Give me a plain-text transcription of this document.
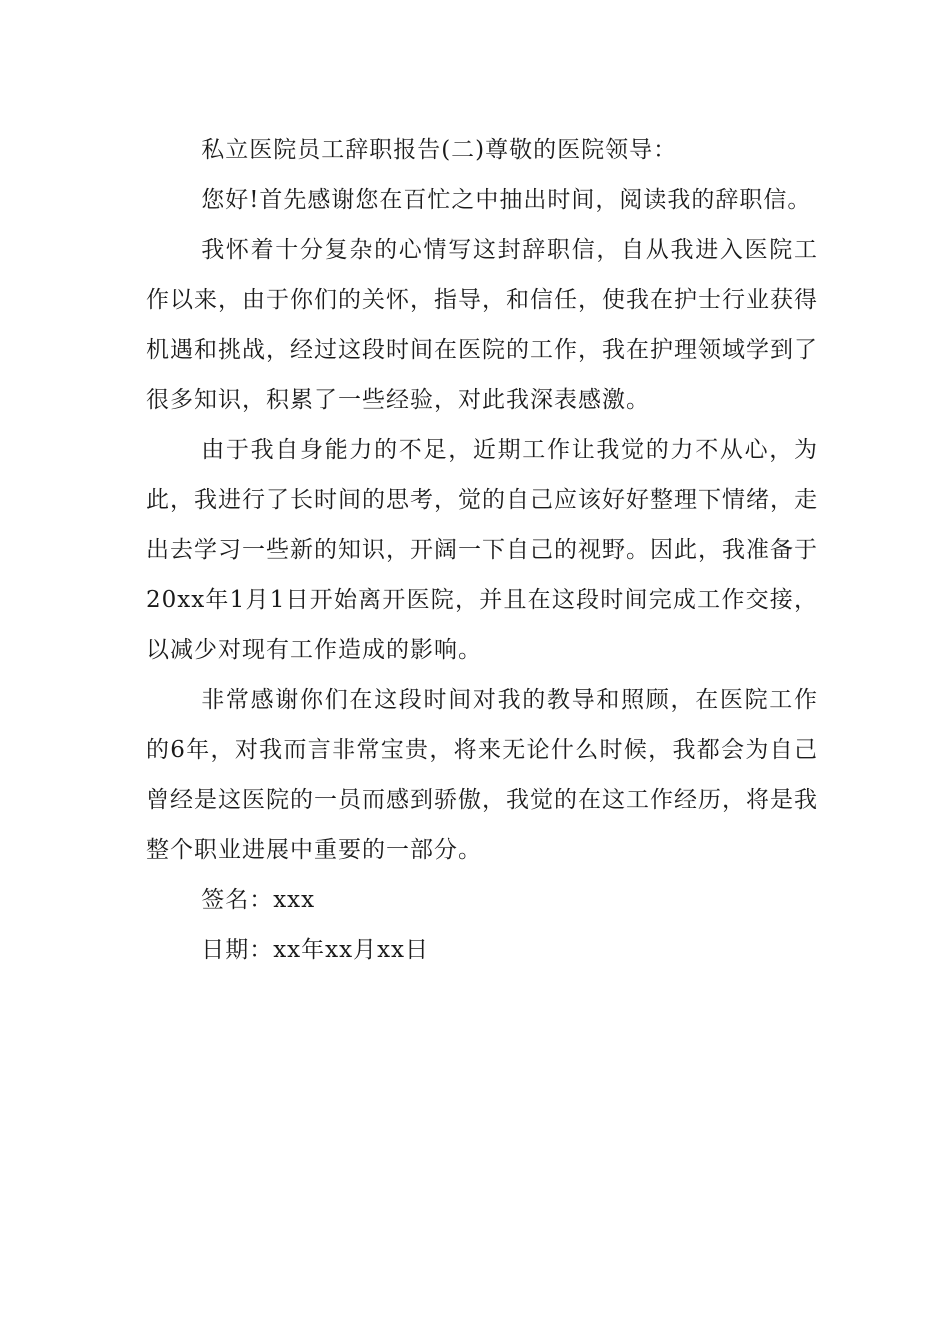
私立医院员工辞职报告(二)尊敬的医院领导：

您好!首先感谢您在百忙之中抽出时间，阅读我的辞职信。

我怀着十分复杂的心情写这封辞职信，自从我进入医院工作以来，由于你们的关怀，指导，和信任，使我在护士行业获得机遇和挑战，经过这段时间在医院的工作，我在护理领域学到了很多知识，积累了一些经验，对此我深表感激。

由于我自身能力的不足，近期工作让我觉的力不从心，为此，我进行了长时间的思考，觉的自己应该好好整理下情绪，走出去学习一些新的知识，开阔一下自己的视野。因此，我准备于20xx年1月1日开始离开医院，并且在这段时间完成工作交接，以减少对现有工作造成的影响。

非常感谢你们在这段时间对我的教导和照顾，在医院工作的6年，对我而言非常宝贵，将来无论什么时候，我都会为自己曾经是这医院的一员而感到骄傲，我觉的在这工作经历，将是我整个职业进展中重要的一部分。

签名：xxx

日期：xx年xx月xx日
